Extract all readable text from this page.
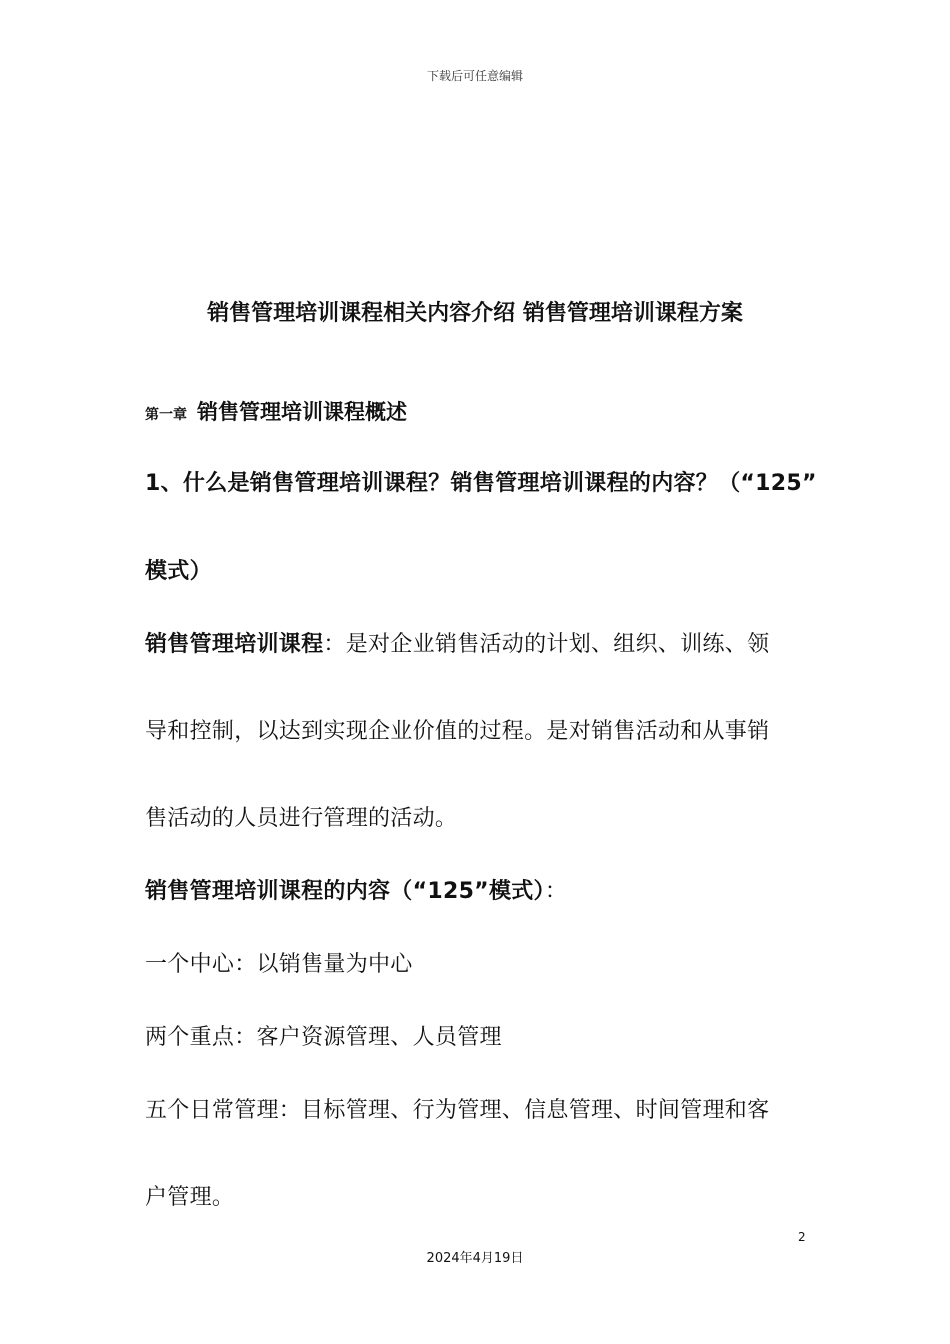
下载后可任意编辑
销售管理培训课程相关内容介绍 销售管理培训课程方案
第一章 销售管理培训课程概述
1、什么是销售管理培训课程？销售管理培训课程的内容？（“125”
模式）
销售管理培训课程：是对企业销售活动的计划、组织、训练、领
导和控制，以达到实现企业价值的过程。是对销售活动和从事销
售活动的人员进行管理的活动。
销售管理培训课程的内容（“125”模式）：
一个中心：以销售量为中心
两个重点：客户资源管理、人员管理
五个日常管理：目标管理、行为管理、信息管理、时间管理和客
户管理。
2
2024年4月19日
